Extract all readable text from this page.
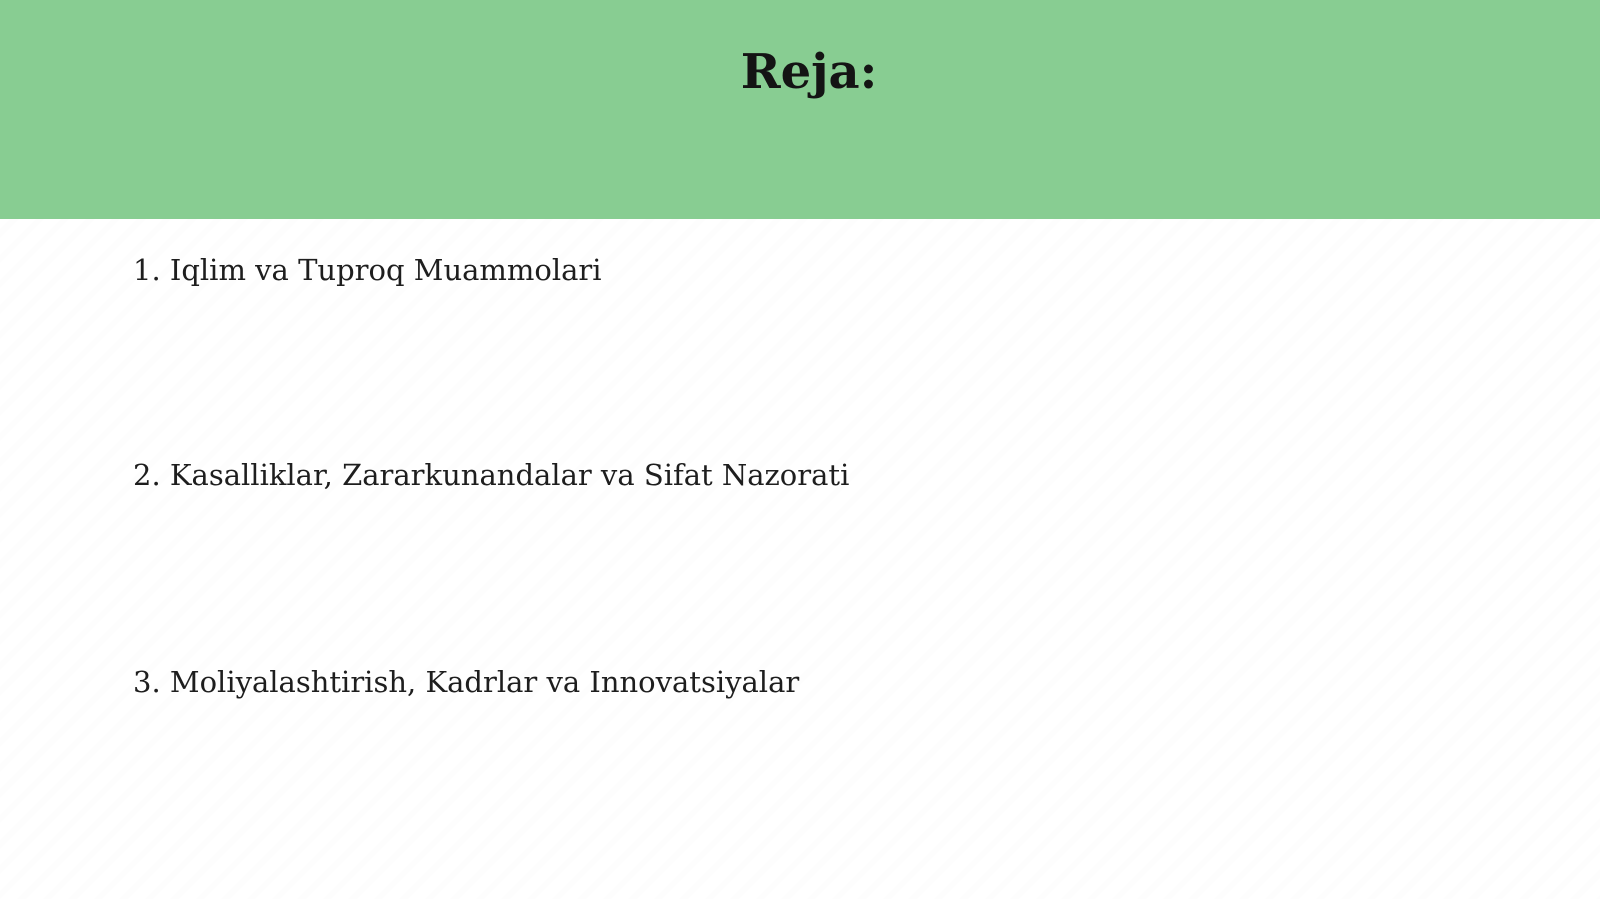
Reja:
1. Iqlim va Tuproq Muammolari
2. Kasalliklar, Zararkunandalar va Sifat Nazorati
3. Moliyalashtirish, Kadrlar va Innovatsiyalar
